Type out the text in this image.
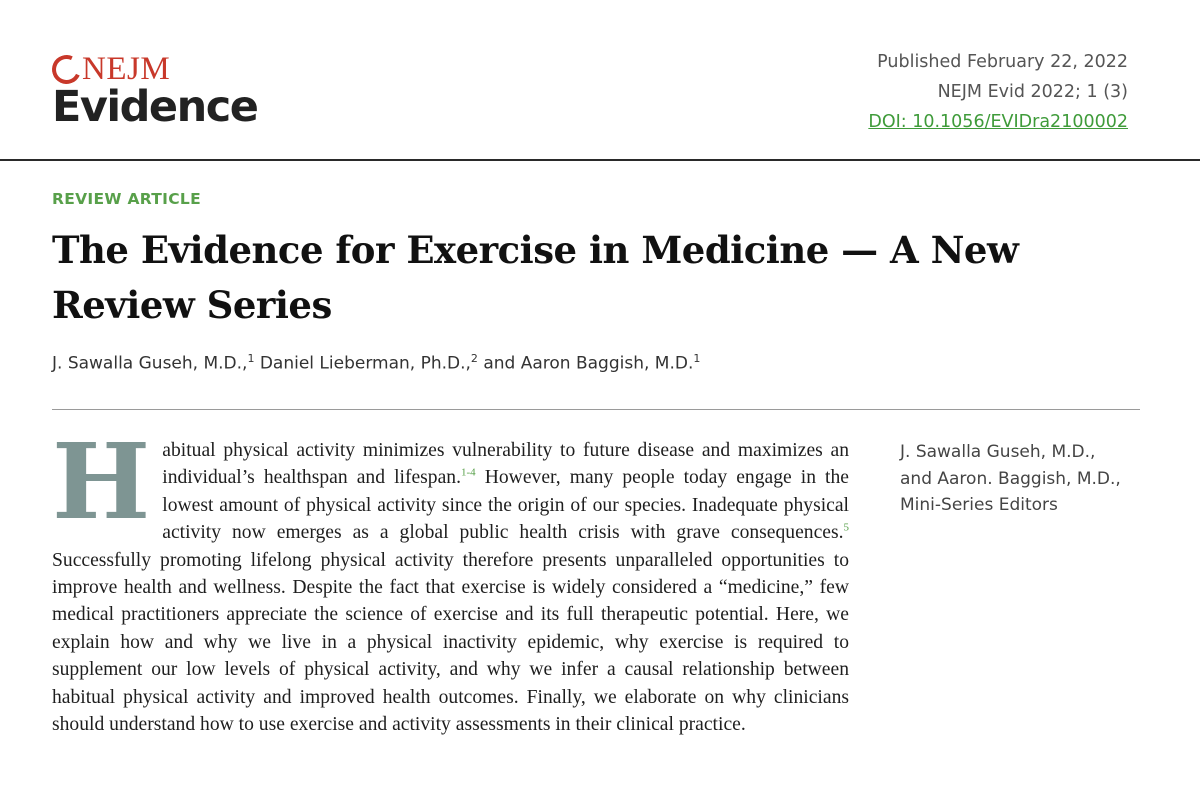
NEJM
Evidence
Published February 22, 2022
NEJM Evid 2022; 1 (3)
DOI: 10.1056/EVIDra2100002
REVIEW ARTICLE
The Evidence for Exercise in Medicine — A New Review Series
J. Sawalla Guseh, M.D.,$^1$ Daniel Lieberman, Ph.D.,$^2$ and Aaron Baggish, M.D.$^1$

Habitual physical activity minimizes vulnerability to future disease and maximizes an individual’s healthspan and lifespan.$^{1-4}$ However, many people today engage in the lowest amount of physical activity since the origin of our species. Inadequate physical activity now emerges as a global public health crisis with grave consequences.$^5$ Successfully promoting lifelong physical activity therefore presents unparalleled opportunities to improve health and wellness. Despite the fact that exercise is widely considered a “medicine,” few medical practitioners appreciate the science of exercise and its full therapeutic potential. Here, we explain how and why we live in a physical inactivity epidemic, why exercise is required to supplement our low levels of physical activity, and why we infer a causal relationship between habitual physical activity and improved health outcomes. Finally, we elaborate on why clinicians should understand how to use exercise and activity assessments in their clinical practice.

J. Sawalla Guseh, M.D.,
and Aaron. Baggish, M.D.,
Mini-Series Editors
